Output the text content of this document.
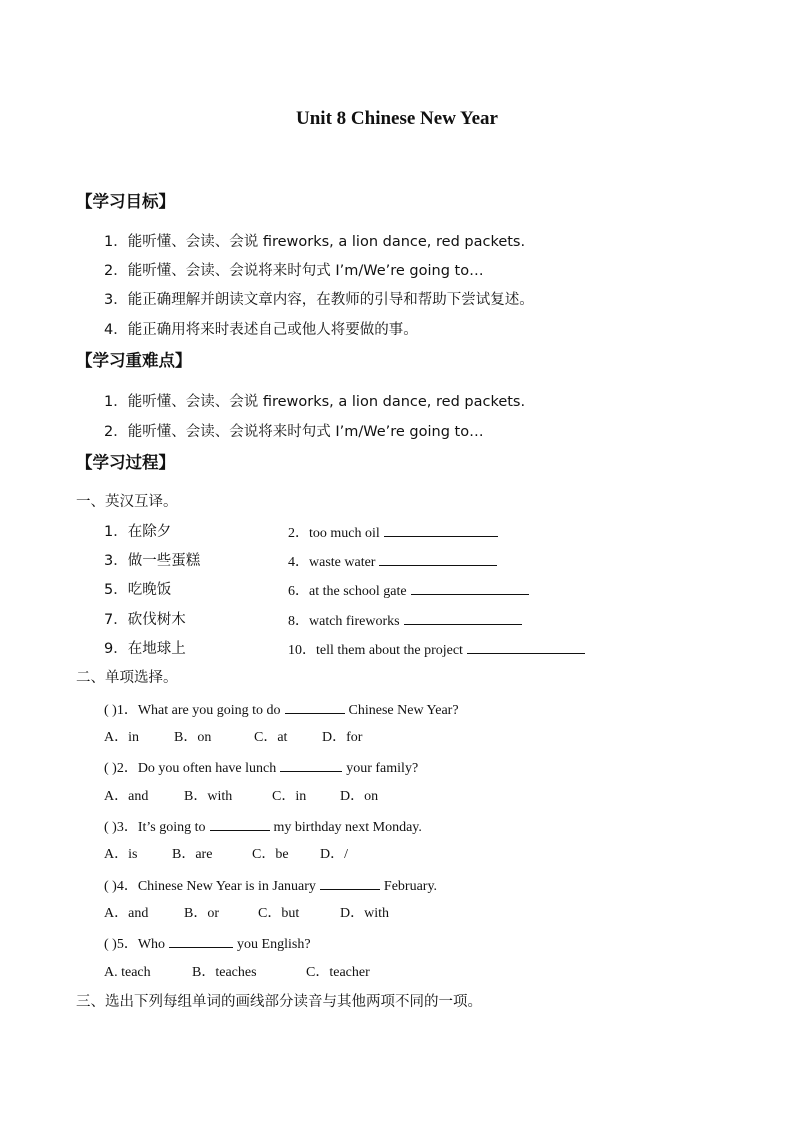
Unit 8 Chinese New Year
【学习目标】
1．能听懂、会读、会说 fireworks, a lion dance, red packets.
2．能听懂、会读、会说将来时句式 I’m/We’re going to…
3．能正确理解并朗读文章内容，在教师的引导和帮助下尝试复述。
4．能正确用将来时表述自己或他人将要做的事。
【学习重难点】
1．能听懂、会读、会说 fireworks, a lion dance, red packets.
2．能听懂、会读、会说将来时句式 I’m/We’re going to…
【学习过程】
一、英汉互译。
1．在除夕	2．too much oil
3．做一些蛋糕	4．waste water
5．吃晚饭	6．at the school gate
7．砍伐树木	8．watch fireworks
9．在地球上	10．tell them about the project
二、单项选择。
( )1．What are you going to do	Chinese New Year?
A．in	B．on	C．at D．for
( )2．Do you often have lunch	your family?
A．and	B．with	C．in D．on
( )3．It’s going to	my birthday next Monday.
A．is B．are	C．be D．/
( )4．Chinese New Year is in January	February.
A．and	B．or	C．but	D．with
( )5．Who	you English?
A. teach	B．teaches	C．teacher
三、选出下列每组单词的画线部分读音与其他两项不同的一项。
